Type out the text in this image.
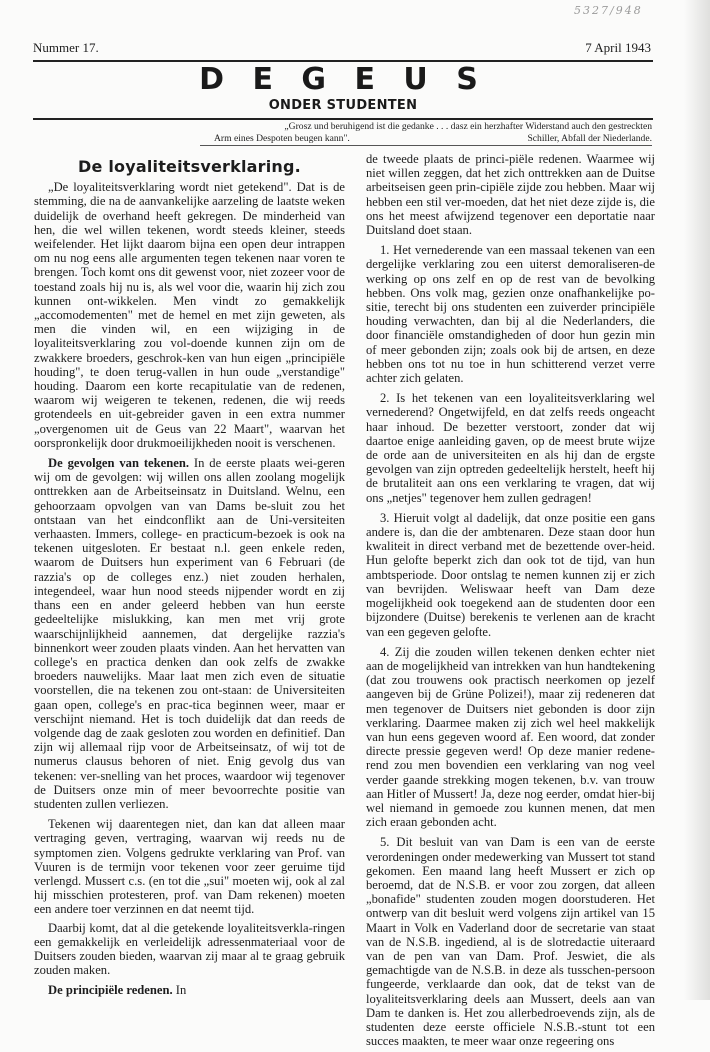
5327/948
Nummer 17.	7 April 1943
D E G E U S
ONDER STUDENTEN
„Grosz und beruhigend ist die gedanke . . . dasz ein herzhafter Widerstand auch den gestreckten
Arm eines Despoten beugen kann".	Schiller, Abfall der Niederlande.
De loyaliteitsverklaring.

„De loyaliteitsverklaring wordt niet getekend". Dat is de stemming, die na de aanvankelijke aarzeling de laatste weken duidelijk de overhand heeft gekregen. De minderheid van hen, die wel willen tekenen, wordt steeds kleiner, steeds weifelender. Het lijkt daarom bijna een open deur intrappen om nu nog eens alle argumenten tegen tekenen naar voren te brengen. Toch komt ons dit gewenst voor, niet zozeer voor de toestand zoals hij nu is, als wel voor die, waarin hij zich zou kunnen ont-wikkelen. Men vindt zo gemakkelijk „accomodementen" met de hemel en met zijn geweten, als men die vinden wil, en een wijziging in de loyaliteitsverklaring zou vol-doende kunnen zijn om de zwakkere broeders, geschrok-ken van hun eigen „principiële houding", te doen terug-vallen in hun oude „verstandige" houding. Daarom een korte recapitulatie van de redenen, waarom wij weigeren te tekenen, redenen, die wij reeds grotendeels en uit-gebreider gaven in een extra nummer „overgenomen uit de Geus van 22 Maart", waarvan het oorspronkelijk door drukmoeilijkheden nooit is verschenen.

De gevolgen van tekenen. In de eerste plaats wei-geren wij om de gevolgen: wij willen ons allen zoolang mogelijk onttrekken aan de Arbeitseinsatz in Duitsland. Welnu, een gehoorzaam opvolgen van van Dams be-sluit zou het ontstaan van het eindconflikt aan de Uni-versiteiten verhaasten. Immers, college- en practicum-bezoek is ook na tekenen uitgesloten. Er bestaat n.l. geen enkele reden, waarom de Duitsers hun experiment van 6 Februari (de razzia's op de colleges enz.) niet zouden herhalen, integendeel, waar hun nood steeds nijpender wordt en zij thans een en ander geleerd hebben van hun eerste gedeeltelijke mislukking, kan men met vrij grote waarschijnlijkheid aannemen, dat dergelijke razzia's binnenkort weer zouden plaats vinden. Aan het hervatten van college's en practica denken dan ook zelfs de zwakke broeders nauwelijks. Maar laat men zich even de situatie voorstellen, die na tekenen zou ont-staan: de Universiteiten gaan open, college's en prac-tica beginnen weer, maar er verschijnt niemand. Het is toch duidelijk dat dan reeds de volgende dag de zaak gesloten zou worden en definitief. Dan zijn wij allemaal rijp voor de Arbeitseinsatz, of wij tot de numerus clausus behoren of niet. Enig gevolg dus van tekenen: ver-snelling van het proces, waardoor wij tegenover de Duitsers onze min of meer bevoorrechte positie van studenten zullen verliezen.

Tekenen wij daarentegen niet, dan kan dat alleen maar vertraging geven, vertraging, waarvan wij reeds nu de symptomen zien. Volgens gedrukte verklaring van Prof. van Vuuren is de termijn voor tekenen voor zeer geruime tijd verlengd. Mussert c.s. (en tot die „sui" moeten wij, ook al zal hij misschien protesteren, prof. van Dam rekenen) moeten een andere toer verzinnen en dat neemt tijd.

Daarbij komt, dat al die getekende loyaliteitsverkla-ringen een gemakkelijk en verleidelijk adressenmateriaal voor de Duitsers zouden bieden, waarvan zij maar al te graag gebruik zouden maken.

De principiële redenen. In

de tweede plaats de princi-piële redenen. Waarmee wij niet willen zeggen, dat het zich onttrekken aan de Duitse arbeitseisen geen prin-cipiële zijde zou hebben. Maar wij hebben een stil ver-moeden, dat het niet deze zijde is, die ons het meest afwijzend tegenover een deportatie naar Duitsland doet staan.

1. Het vernederende van een massaal tekenen van een dergelijke verklaring zou een uiterst demoraliseren-de werking op ons zelf en op de rest van de bevolking hebben. Ons volk mag, gezien onze onafhankelijke po-sitie, terecht bij ons studenten een zuiverder principiële houding verwachten, dan bij al die Nederlanders, die door financiële omstandigheden of door hun gezin min of meer gebonden zijn; zoals ook bij de artsen, en deze hebben ons tot nu toe in hun schitterend verzet verre achter zich gelaten.

2. Is het tekenen van een loyaliteitsverklaring wel vernederend? Ongetwijfeld, en dat zelfs reeds ongeacht haar inhoud. De bezetter verstoort, zonder dat wij daartoe enige aanleiding gaven, op de meest brute wijze de orde aan de universiteiten en als hij dan de ergste gevolgen van zijn optreden gedeeltelijk herstelt, heeft hij de brutaliteit aan ons een verklaring te vragen, dat wij ons „netjes" tegenover hem zullen gedragen!

3. Hieruit volgt al dadelijk, dat onze positie een gans andere is, dan die der ambtenaren. Deze staan door hun kwaliteit in direct verband met de bezettende over-heid. Hun gelofte beperkt zich dan ook tot de tijd, van hun ambtsperiode. Door ontslag te nemen kunnen zij er zich van bevrijden. Weliswaar heeft van Dam deze mogelijkheid ook toegekend aan de studenten door een bijzondere (Duitse) berekenis te verlenen aan de kracht van een gegeven gelofte.

4. Zij die zouden willen tekenen denken echter niet aan de mogelijkheid van intrekken van hun handtekening (dat zou trouwens ook practisch neerkomen op jezelf aangeven bij de Grüne Polizei!), maar zij redeneren dat men tegenover de Duitsers niet gebonden is door zijn verklaring. Daarmee maken zij zich wel heel makkelijk van hun eens gegeven woord af. Een woord, dat zonder directe pressie gegeven werd! Op deze manier redene-rend zou men bovendien een verklaring van nog veel verder gaande strekking mogen tekenen, b.v. van trouw aan Hitler of Mussert! Ja, deze nog eerder, omdat hier-bij wel niemand in gemoede zou kunnen menen, dat men zich eraan gebonden acht.

5. Dit besluit van van Dam is een van de eerste verordeningen onder medewerking van Mussert tot stand gekomen. Een maand lang heeft Mussert er zich op beroemd, dat de N.S.B. er voor zou zorgen, dat alleen „bonafide" studenten zouden mogen doorstuderen. Het ontwerp van dit besluit werd volgens zijn artikel van 15 Maart in Volk en Vaderland door de secretarie van staat van de N.S.B. ingediend, al is de slotredactie uiteraard van de pen van van Dam. Prof. Jeswiet, die als gemachtigde van de N.S.B. in deze als tusschen-persoon fungeerde, verklaarde dan ook, dat de tekst van de loyaliteitsverklaring deels aan Mussert, deels aan van Dam te danken is. Het zou allerbedroevends zijn, als de studenten deze eerste officiele N.S.B.-stunt tot een succes maakten, te meer waar onze regeering ons
